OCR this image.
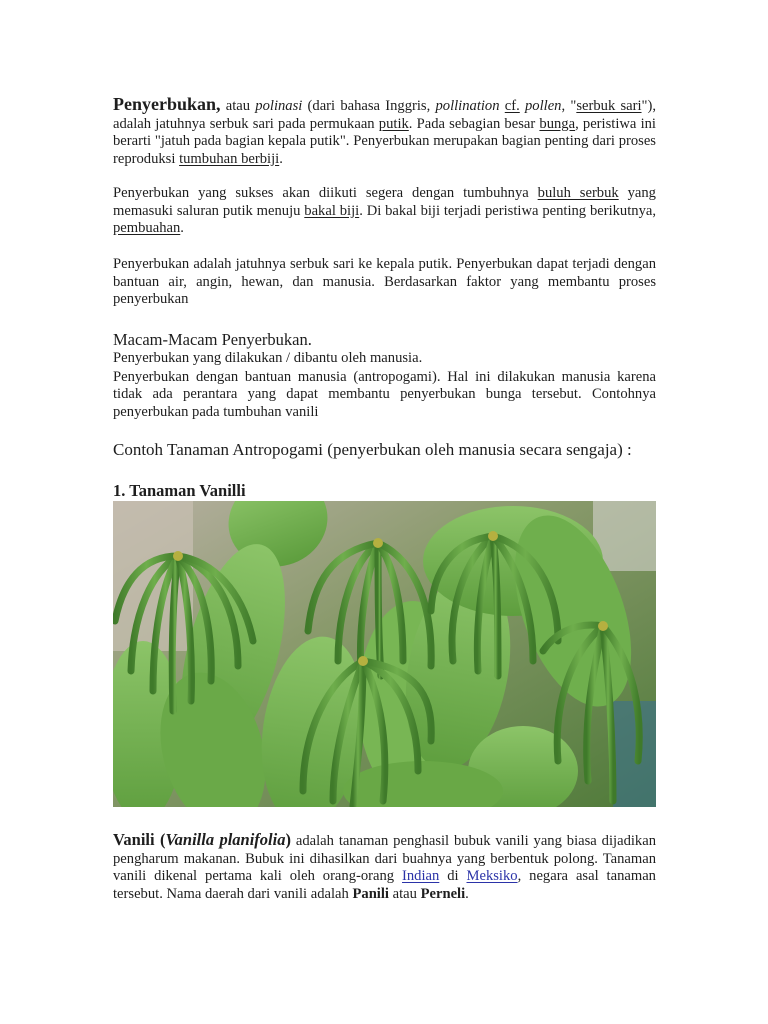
Penyerbukan, atau polinasi (dari bahasa Inggris, pollination cf. pollen, "serbuk sari"), adalah jatuhnya serbuk sari pada permukaan putik. Pada sebagian besar bunga, peristiwa ini berarti "jatuh pada bagian kepala putik". Penyerbukan merupakan bagian penting dari proses reproduksi tumbuhan berbiji.

Penyerbukan yang sukses akan diikuti segera dengan tumbuhnya buluh serbuk yang memasuki saluran putik menuju bakal biji. Di bakal biji terjadi peristiwa penting berikutnya, pembuahan.

Penyerbukan adalah jatuhnya serbuk sari ke kepala putik. Penyerbukan dapat terjadi dengan bantuan air, angin, hewan, dan manusia. Berdasarkan faktor yang membantu proses penyerbukan

Macam-Macam Penyerbukan.

Penyerbukan yang dilakukan / dibantu oleh manusia.

Penyerbukan dengan bantuan manusia (antropogami). Hal ini dilakukan manusia karena tidak ada perantara yang dapat membantu penyerbukan bunga tersebut. Contohnya penyerbukan pada tumbuhan vanili

Contoh Tanaman Antropogami (penyerbukan oleh manusia secara sengaja) :
1. Tanaman Vanilli

Vanili (Vanilla planifolia) adalah tanaman penghasil bubuk vanili yang biasa dijadikan pengharum makanan. Bubuk ini dihasilkan dari buahnya yang berbentuk polong. Tanaman vanili dikenal pertama kali oleh orang-orang Indian di Meksiko, negara asal tanaman tersebut. Nama daerah dari vanili adalah Panili atau Perneli.
